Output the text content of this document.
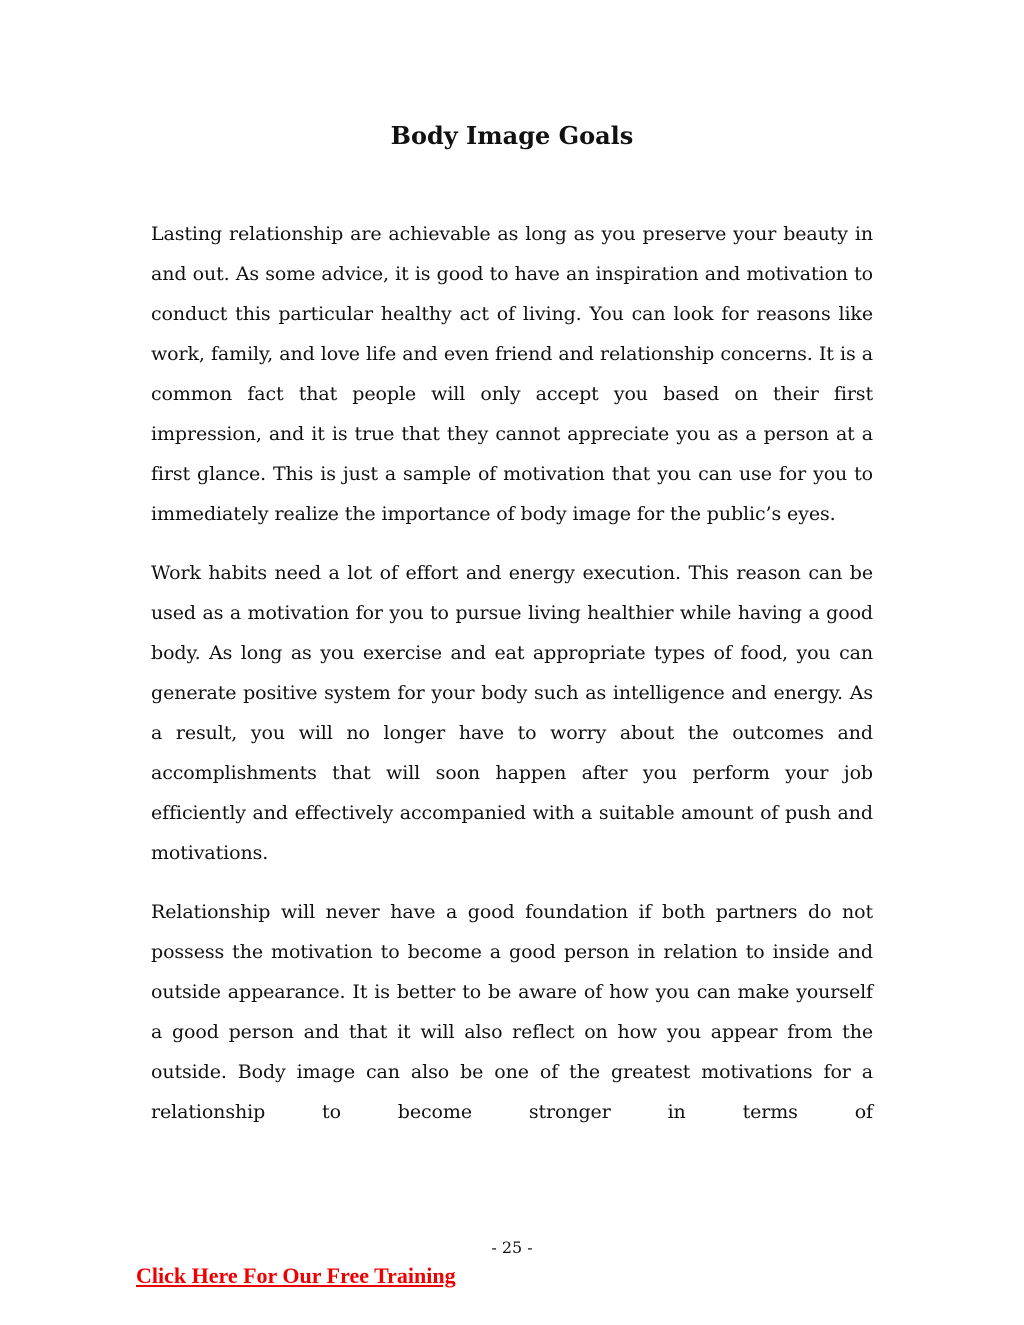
Body Image Goals

Lasting relationship are achievable as long as you preserve your beauty in and out. As some advice, it is good to have an inspiration and motivation to conduct this particular healthy act of living. You can look for reasons like work, family, and love life and even friend and relationship concerns. It is a common fact that people will only accept you based on their first impression, and it is true that they cannot appreciate you as a person at a first glance. This is just a sample of motivation that you can use for you to immediately realize the importance of body image for the public’s eyes.

Work habits need a lot of effort and energy execution. This reason can be used as a motivation for you to pursue living healthier while having a good body. As long as you exercise and eat appropriate types of food, you can generate positive system for your body such as intelligence and energy. As a result, you will no longer have to worry about the outcomes and accomplishments that will soon happen after you perform your job efficiently and effectively accompanied with a suitable amount of push and motivations.

Relationship will never have a good foundation if both partners do not possess the motivation to become a good person in relation to inside and outside appearance. It is better to be aware of how you can make yourself a good person and that it will also reflect on how you appear from the outside. Body image can also be one of the greatest motivations for a relationship to become stronger in terms of

- 25 -
Click Here For Our Free Training
